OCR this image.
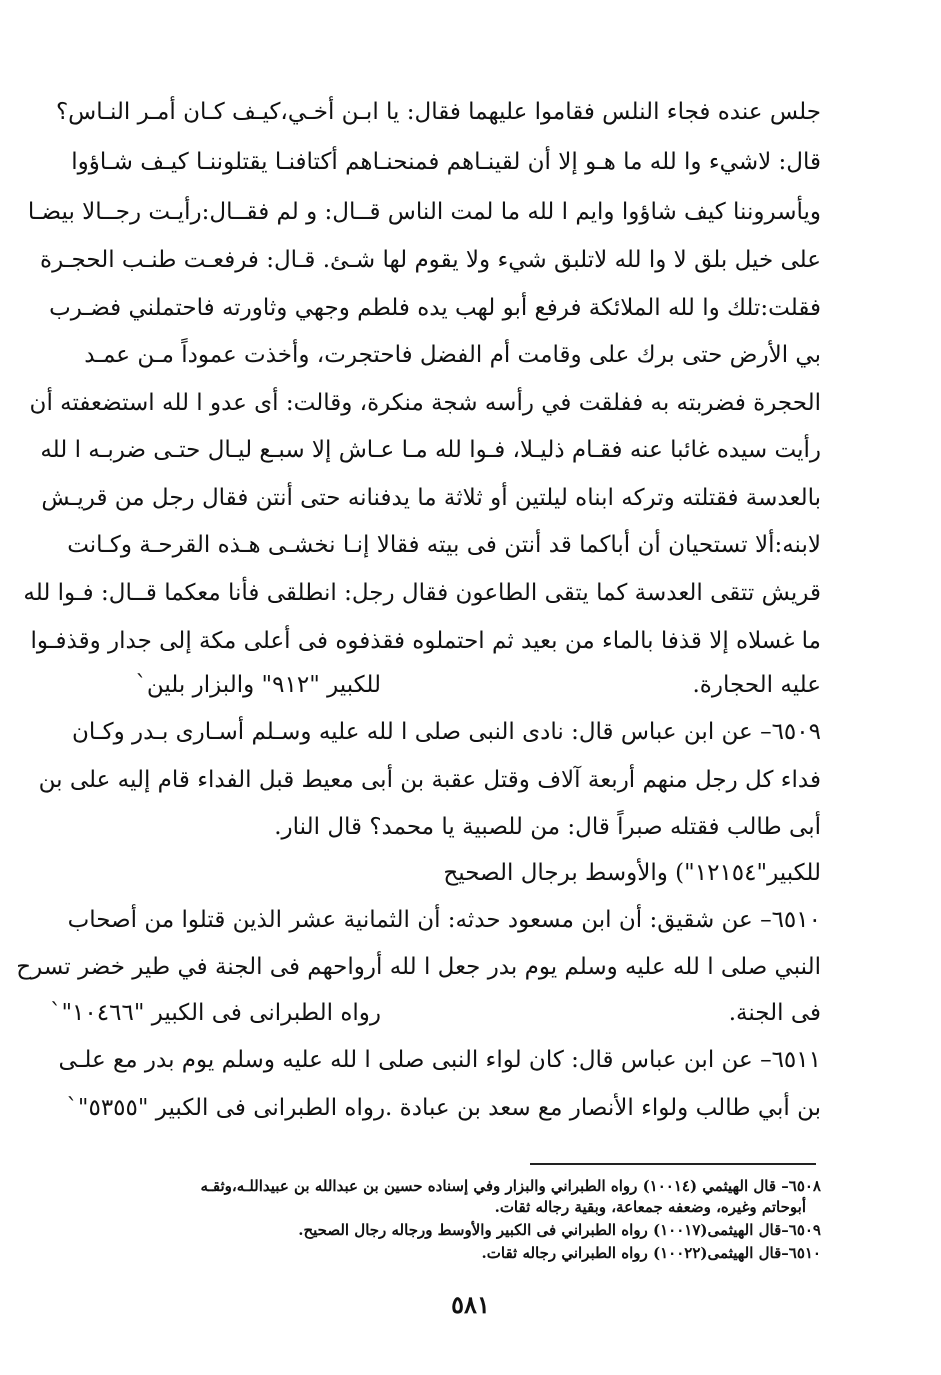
جلس عنده فجاء النلس فقاموا عليهما فقال: يا ابـن أخـي،كيـف كـان أمـر النـاس؟
قال: لاشيء وا لله ما هـو إلا أن لقينـاهم فمنحنـاهم أكتافنـا يقتلوننـا كيـف شـاؤوا
ويأسروننا كيف شاؤوا وايم ا لله ما لمت الناس قــال: و لم فقــال:رأيـت رجــالا بيضـا
على خيل بلق لا وا لله لاتلبق شيء ولا يقوم لها شـئ. قـال: فرفعـت طنـب الحجـرة
فقلت:تلك وا لله الملائكة فرفع أبو لهب يده فلطم وجهي وثاورته فاحتملني فضـرب
بي الأرض حتى برك على وقامت أم الفضل فاحتجرت، وأخذت عموداً مـن عمـد
الحجرة فضربته به ففلقت في رأسه شجة منكرة، وقالت: أى عدو ا لله استضعفته أن
رأيت سيده غائبا عنه فقـام ذليـلا، فـوا لله مـا عـاش إلا سبـع ليـال حتـى ضربـه ا لله
بالعدسة فقتلته وتركه ابناه ليلتين أو ثلاثة ما يدفنانه حتى أنتن فقال رجل من قريـش
لابنه:ألا تستحيان أن أباكما قد أنتن فى بيته فقالا إنـا نخشـى هـذه القرحـة وكـانت
قريش تتقى العدسة كما يتقى الطاعون فقال رجل: انطلقى فأنا معكما قــال: فـوا لله
ما غسلاه إلا قذفا بالماء من بعيد ثم احتملوه فقذفوه فى أعلى مكة إلى جدار وقذفـوا
عليه الحجارة.
للكبير "٩١٢" والبزار بلين`
٦٥٠٩– عن ابن عباس قال: نادى النبى صلى ا لله عليه وسـلم أسـارى بـدر وكـان
فداء كل رجل منهم أربعة آلاف وقتل عقبة بن أبى معيط قبل الفداء قام إليه على بن
أبى طالب فقتله صبراً قال: من للصبية يا محمد؟ قال النار.
للكبير"١٢١٥٤") والأوسط برجال الصحيح
٦٥١٠– عن شقيق: أن ابن مسعود حدثه: أن الثمانية عشر الذين قتلوا من أصحاب
النبي صلى ا لله عليه وسلم يوم بدر جعل ا لله أرواحهم فى الجنة في طير خضر تسرح
فى الجنة.
رواه الطبرانى فى الكبير "١٠٤٦٦"`
٦٥١١– عن ابن عباس قال: كان لواء النبى صلى ا لله عليه وسلم يوم بدر مع علـى
بن أبي طالب ولواء الأنصار مع سعد بن عبادة .رواه الطبرانى فى الكبير "٥٣٥٥"`
٦٥٠٨– قال الهيثمي (١٠٠١٤) رواه الطبراني والبزار وفي إسناده حسين بن عبدالله بن عبيداللـه،وثقـه
أبوحاتم وغيره، وضعفه جمعاعة، وبقية رجاله ثقات.
٦٥٠٩–قال الهيثمى(١٠٠١٧) رواه الطبراني فى الكبير والأوسط ورجاله رجال الصحيح.
٦٥١٠–قال الهيثمى(١٠٠٢٢) رواه الطبراني رجاله ثقات.
٥٨١
